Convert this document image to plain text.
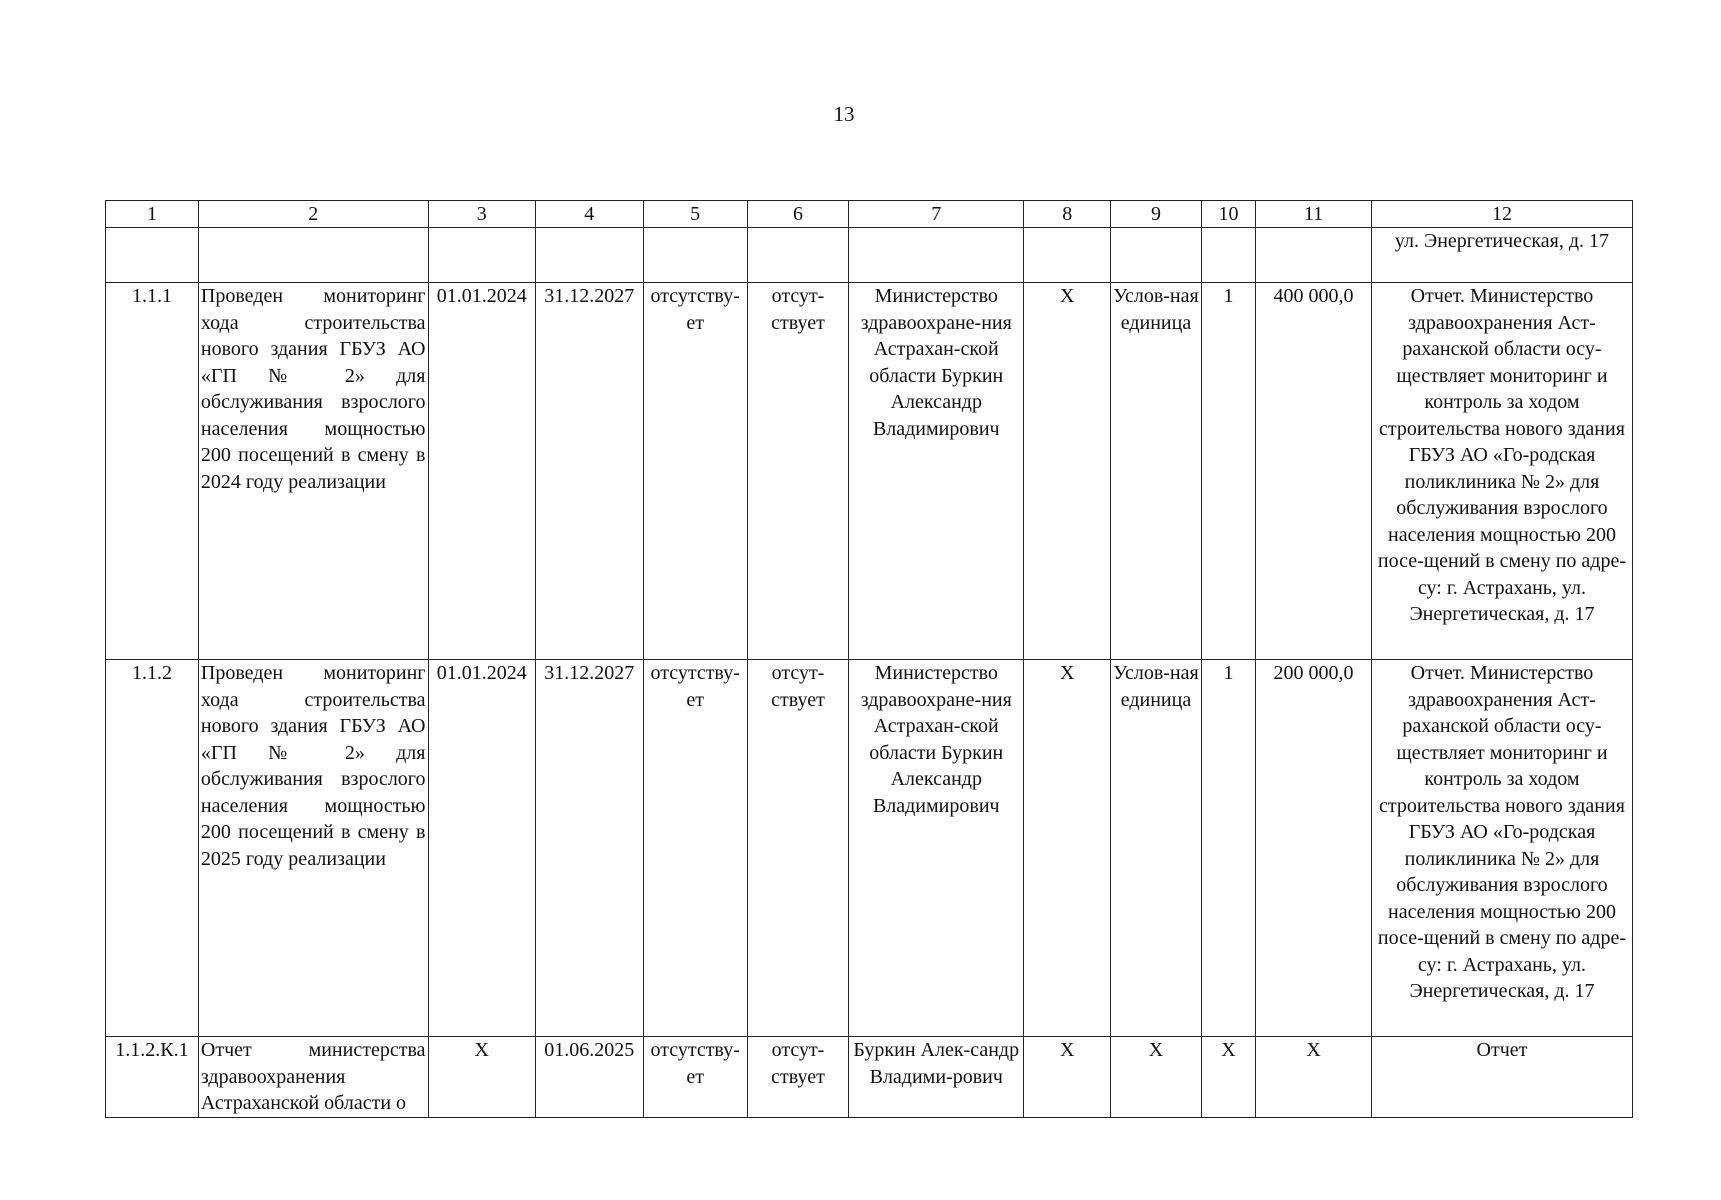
13
1	2	3	4	5	6	7	8	9	10	11	12
											ул. Энергетическая, д. 17
1.1.1	Проведен мониторинг хода строительства нового здания ГБУЗ АО «ГП № 2» для обслуживания взрослого населения мощностью 200 посещений в смену в 2024 году реализации	01.01.2024	31.12.2027	отсутству-ет	отсут-ствует	Министерство здравоохране-ния Астрахан-ской области Буркин Александр Владимирович	Х	Услов-ная единица	1	400 000,0	Отчет. Министерство здравоохранения Аст-раханской области осу-ществляет мониторинг и контроль за ходом строительства нового здания ГБУЗ АО «Го-родская поликлиника № 2» для обслуживания взрослого населения мощностью 200 посе-щений в смену по адре-су: г. Астрахань, ул. Энергетическая, д. 17
1.1.2	Проведен мониторинг хода строительства нового здания ГБУЗ АО «ГП № 2» для обслуживания взрослого населения мощностью 200 посещений в смену в 2025 году реализации	01.01.2024	31.12.2027	отсутству-ет	отсут-ствует	Министерство здравоохране-ния Астрахан-ской области Буркин Александр Владимирович	Х	Услов-ная единица	1	200 000,0	Отчет. Министерство здравоохранения Аст-раханской области осу-ществляет мониторинг и контроль за ходом строительства нового здания ГБУЗ АО «Го-родская поликлиника № 2» для обслуживания взрослого населения мощностью 200 посе-щений в смену по адре-су: г. Астрахань, ул. Энергетическая, д. 17
1.1.2.К.1	Отчет министерства здравоохранения Астраханской области о	Х	01.06.2025	отсутству-ет	отсут-ствует	Буркин Алек-сандр Владими-рович	Х	Х	Х	Х	Отчет
